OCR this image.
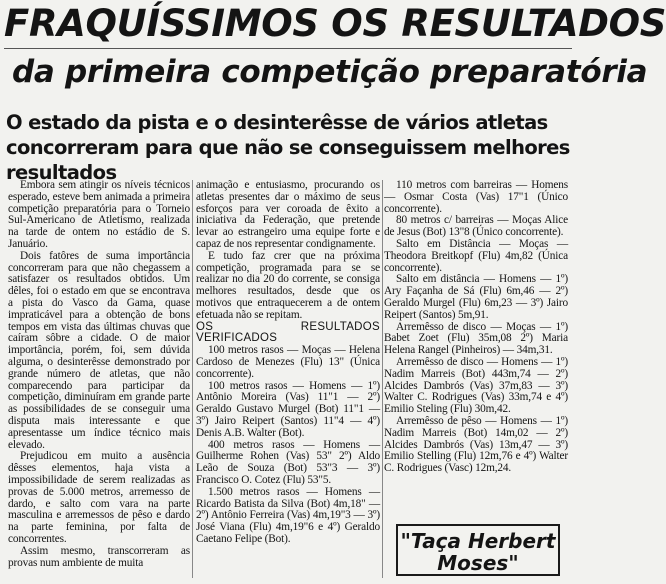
FRAQUÍSSIMOS OS RESULTADOS
da primeira competição preparatória
O estado da pista e o desinterêsse de vários atletas concorreram para que não se conseguissem melhores resultados

Embora sem atingir os níveis técnicos esperado, esteve bem animada a primeira competição preparatória para o Torneio Sul-Americano de Atletismo, realizada na tarde de ontem no estádio de S. Januário.

Dois fatôres de suma importância concorreram para que não chegassem a satisfazer os resultados obtidos. Um dêles, foi o estado em que se encontrava a pista do Vasco da Gama, quase impraticável para a obtenção de bons tempos em vista das últimas chuvas que caíram sôbre a cidade. O de maior importância, porém, foi, sem dúvida alguma, o desinterêsse demonstrado por grande número de atletas, que não comparecendo para participar da competição, diminuíram em grande parte as possibilidades de se conseguir uma disputa mais interessante e que apresentasse um índice técnico mais elevado.

Prejudicou em muito a ausência dêsses elementos, haja vista a impossibilidade de serem realizadas as provas de 5.000 metros, arremesso de dardo, e salto com vara na parte masculina e arremessos de pêso e dardo na parte feminina, por falta de concorrentes.

Assim mesmo, transcorreram as provas num ambiente de muita

animação e entusiasmo, procurando os atletas presentes dar o máximo de seus esforços para ver coroada de êxito a iniciativa da Federação, que pretende levar ao estrangeiro uma equipe forte e capaz de nos representar condignamente.

E tudo faz crer que na próxima competição, programada para se se realizar no dia 20 do corrente, se consiga melhores resultados, desde que os motivos que entraquecerem a de ontem efetuada não se repitam.

OS RESULTADOS VERIFICADOS

100 metros rasos — Moças — Helena Cardoso de Menezes (Flu) 13" (Única concorrente).

100 metros rasos — Homens — 1º) Antônio Moreira (Vas) 11"1 — 2º) Geraldo Gustavo Murgel (Bot) 11"1 — 3º) Jairo Reipert (Santos) 11"4 — 4º) Denis A.B. Walter (Bot).

400 metros rasos — Homens — Guilherme Rohen (Vas) 53" 2º) Aldo Leão de Souza (Bot) 53"3 — 3º) Francisco O. Cotez (Flu) 53"5.

1.500 metros rasos — Homens — Ricardo Batista da Silva (Bot) 4m,18" — 2º) Antônio Ferreira (Vas) 4m,19"3 — 3º) José Viana (Flu) 4m,19"6 e 4º) Geraldo Caetano Felipe (Bot).

110 metros com barreiras — Homens — Osmar Costa (Vas) 17"1 (Único concorrente).

80 metros c/ barreiras — Moças Alice de Jesus (Bot) 13"8 (Único concorrente).

Salto em Distância — Moças — Theodora Breitkopf (Flu) 4m,82 (Única concorrente).

Salto em distância — Homens — 1º) Ary Façanha de Sá (Flu) 6m,46 — 2º) Geraldo Murgel (Flu) 6m,23 — 3º) Jairo Reipert (Santos) 5m,91.

Arremêsso de disco — Moças — 1º) Babet Zoet (Flu) 35m,08 2º) Maria Helena Rangel (Pinheiros) — 34m,31.

Arremêsso de disco — Homens — 1º) Nadim Marreis (Bot) 443m,74 — 2º) Alcides Dambrós (Vas) 37m,83 — 3º) Walter C. Rodrigues (Vas) 33m,74 e 4º) Emilio Steling (Flu) 30m,42.

Arremêsso de pêso — Homens — 1º) Nadim Marreis (Bot) 14m,02 — 2º) Alcides Dambrós (Vas) 13m,47 — 3º) Emilio Stelling (Flu) 12m,76 e 4º) Walter C. Rodrigues (Vasc) 12m,24.

"Taça Herbert Moses"
